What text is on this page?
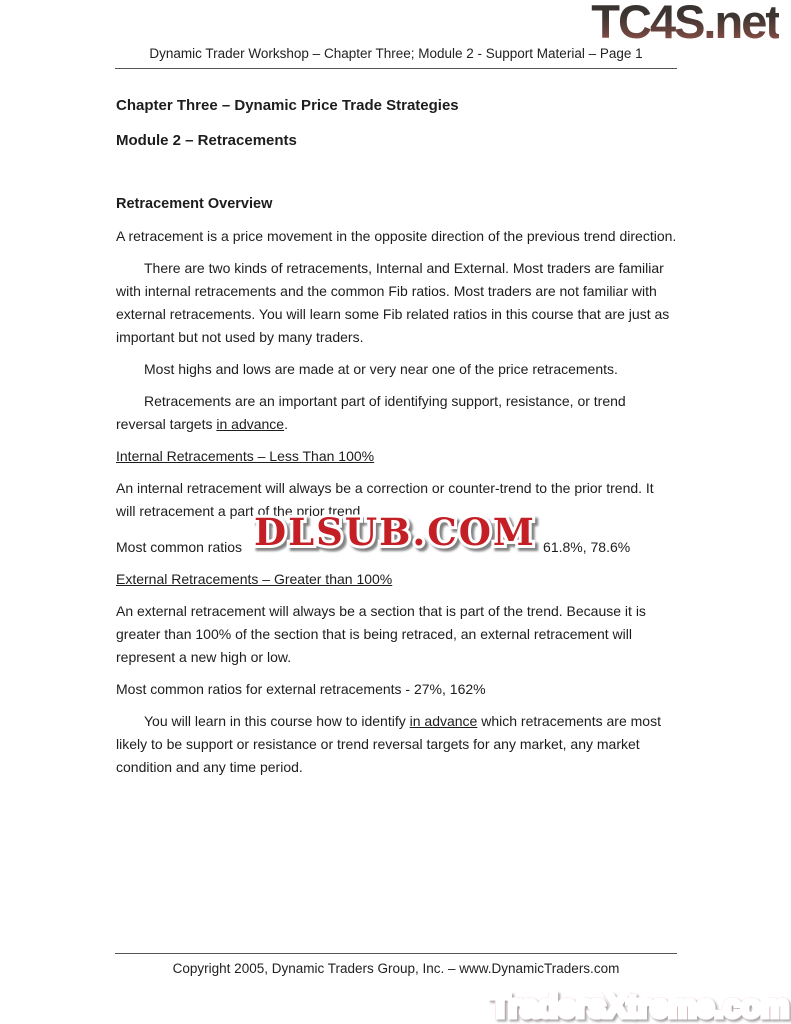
TC4S.net
Dynamic Trader Workshop – Chapter Three; Module 2 - Support Material – Page 1
Chapter Three – Dynamic Price Trade Strategies
Module 2 – Retracements
Retracement Overview

A retracement is a price movement in the opposite direction of the previous trend direction.

There are two kinds of retracements, Internal and External. Most traders are familiar with internal retracements and the common Fib ratios. Most traders are not familiar with external retracements. You will learn some Fib related ratios in this course that are just as important but not used by many traders.

Most highs and lows are made at or very near one of the price retracements.

Retracements are an important part of identifying support, resistance, or trend reversal targets in advance.

Internal Retracements – Less Than 100%

An internal retracement will always be a correction or counter-trend to the prior trend. It will retracement a part of the prior trend.

Most common ratios	61.8%, 78.6%
DLSUB.COM

External Retracements – Greater than 100%

An external retracement will always be a section that is part of the trend. Because it is greater than 100% of the section that is being retraced, an external retracement will represent a new high or low.

Most common ratios for external retracements - 27%, 162%

You will learn in this course how to identify in advance which retracements are most likely to be support or resistance or trend reversal targets for any market, any market condition and any time period.

Copyright 2005, Dynamic Traders Group, Inc. – www.DynamicTraders.com
TradersXtreme.com
